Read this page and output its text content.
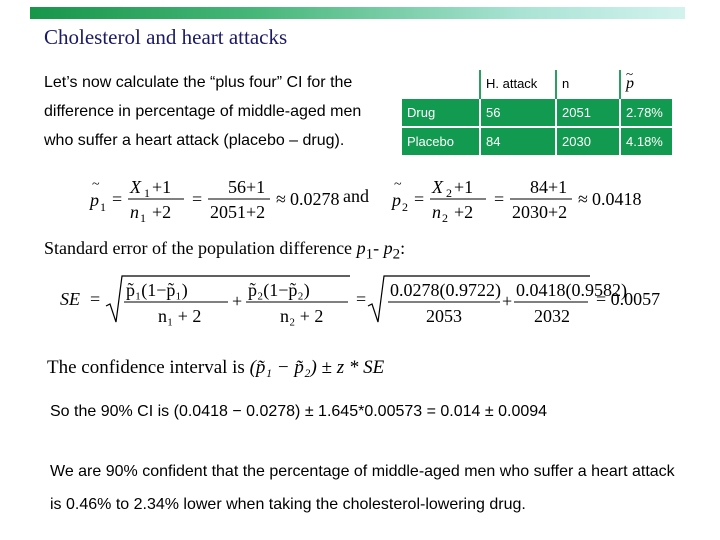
Cholesterol and heart attacks

Let’s now calculate the “plus four” CI for the difference in percentage of middle-aged men who suffer a heart attack (placebo – drug).

	H. attack	n	~ p
Drug	56	2051	2.78%
Placebo	84	2030	4.18%
~
p 1 =
X 1 +1
n 1 +2
=
56+1
2051+2
≈ 0.0278 and
~
p 2 =
X 2 +1
n 2 +2
=
84+1
2030+2
≈ 0.0418
Standard error of the population difference $p_1-$ $p_2$:
SE = p̃₁(1−p̃₁)
n₁ + 2
+
p̃₂(1−p̃₂)
n₂ + 2
= 0.0278(0.9722)
2053
+
0.0418(0.9582)
2032
= 0.0057
The confidence interval is (p̃₁ − p̃₂) ± z * SE
So the 90% CI is (0.0418 − 0.0278) ± 1.645*0.00573 = 0.014 ± 0.0094

We are 90% confident that the percentage of middle-aged men who suffer a heart attack is 0.46% to 2.34% lower when taking the cholesterol-lowering drug.
